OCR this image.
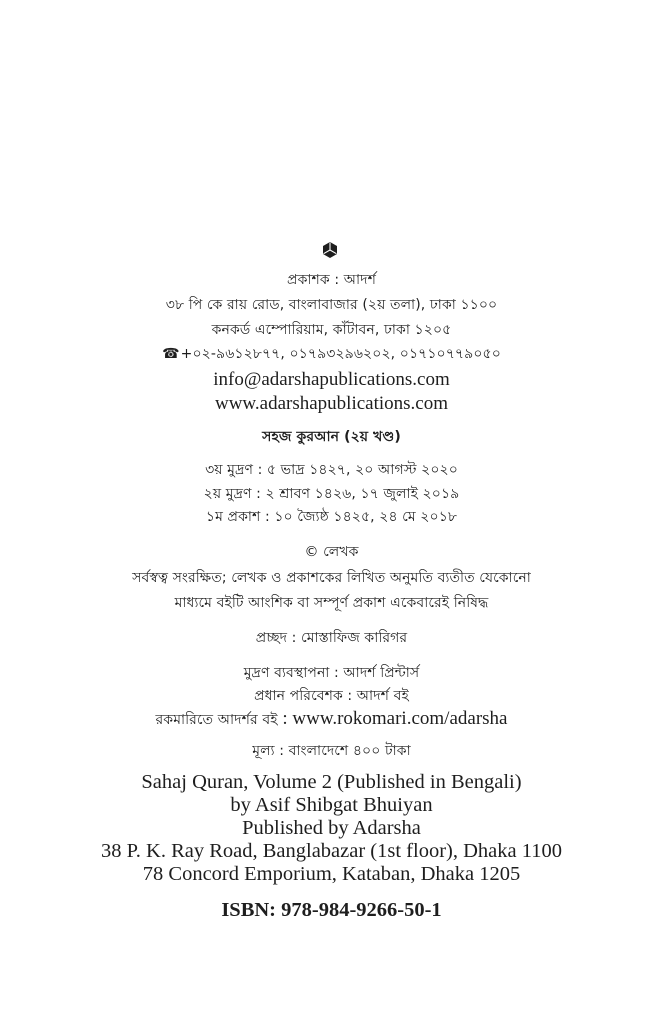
প্রকাশক : আদর্শ
৩৮ পি কে রায় রোড, বাংলাবাজার (২য় তলা), ঢাকা ১১০০
কনকর্ড এম্পোরিয়াম, কাঁটাবন, ঢাকা ১২০৫
☎+০২-৯৬১২৮৭৭, ০১৭৯৩২৯৬২০২, ০১৭১০৭৭৯০৫০
info@adarshapublications.com
www.adarshapublications.com
সহজ কুরআন (২য় খণ্ড)
৩য় মুদ্রণ : ৫ ভাদ্র ১৪২৭, ২০ আগস্ট ২০২০
২য় মুদ্রণ : ২ শ্রাবণ ১৪২৬, ১৭ জুলাই ২০১৯
১ম প্রকাশ : ১০ জ্যৈষ্ঠ ১৪২৫, ২৪ মে ২০১৮
© লেখক
সর্বস্বত্ব সংরক্ষিত; লেখক ও প্রকাশকের লিখিত অনুমতি ব্যতীত যেকোনো
মাধ্যমে বইটি আংশিক বা সম্পূর্ণ প্রকাশ একেবারেই নিষিদ্ধ
প্রচ্ছদ : মোস্তাফিজ কারিগর
মুদ্রণ ব্যবস্থাপনা : আদর্শ প্রিন্টার্স
প্রধান পরিবেশক : আদর্শ বই
রকমারিতে আদর্শর বই : www.rokomari.com/adarsha
মূল্য : বাংলাদেশে ৪০০ টাকা
Sahaj Quran, Volume 2 (Published in Bengali)
by Asif Shibgat Bhuiyan
Published by Adarsha
38 P. K. Ray Road, Banglabazar (1st floor), Dhaka 1100
78 Concord Emporium, Kataban, Dhaka 1205
ISBN: 978-984-9266-50-1
